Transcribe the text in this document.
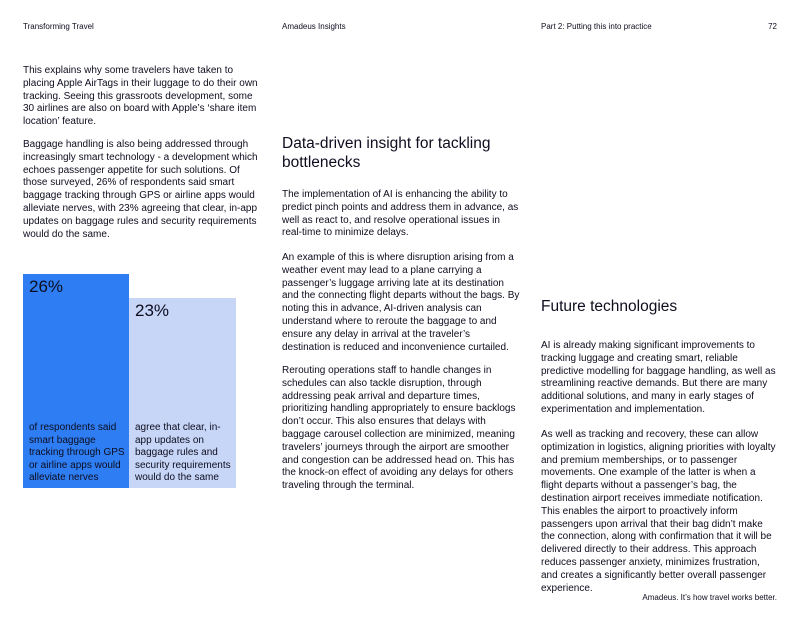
Transforming Travel	Amadeus Insights	Part 2: Putting this into practice	72

This explains why some travelers have taken to placing Apple AirTags in their luggage to do their own tracking. Seeing this grassroots development, some 30 airlines are also on board with Apple’s ‘share item location’ feature.

Baggage handling is also being addressed through increasingly smart technology - a development which echoes passenger appetite for such solutions. Of those surveyed, 26% of respondents said smart baggage tracking through GPS or airline apps would alleviate nerves, with 23% agreeing that clear, in-app updates on baggage rules and security requirements would do the same.

26%
of respondents said smart baggage tracking through GPS or airline apps would alleviate nerves
23%
agree that clear, in-app updates on baggage rules and security requirements would do the same
Data-driven insight for tackling bottlenecks

The implementation of AI is enhancing the ability to predict pinch points and address them in advance, as well as react to, and resolve operational issues in real-time to minimize delays.

An example of this is where disruption arising from a weather event may lead to a plane carrying a passenger’s luggage arriving late at its destination and the connecting flight departs without the bags. By noting this in advance, AI-driven analysis can understand where to reroute the baggage to and ensure any delay in arrival at the traveler’s destination is reduced and inconvenience curtailed.

Rerouting operations staff to handle changes in schedules can also tackle disruption, through addressing peak arrival and departure times, prioritizing handling appropriately to ensure backlogs don’t occur. This also ensures that delays with baggage carousel collection are minimized, meaning travelers’ journeys through the airport are smoother and congestion can be addressed head on. This has the knock-on effect of avoiding any delays for others traveling through the terminal.

Future technologies

AI is already making significant improvements to tracking luggage and creating smart, reliable predictive modelling for baggage handling, as well as streamlining reactive demands. But there are many additional solutions, and many in early stages of experimentation and implementation.

As well as tracking and recovery, these can allow optimization in logistics, aligning priorities with loyalty and premium memberships, or to passenger movements. One example of the latter is when a flight departs without a passenger’s bag, the destination airport receives immediate notification. This enables the airport to proactively inform passengers upon arrival that their bag didn’t make the connection, along with confirmation that it will be delivered directly to their address. This approach reduces passenger anxiety, minimizes frustration, and creates a significantly better overall passenger experience.

Amadeus. It’s how travel works better.
